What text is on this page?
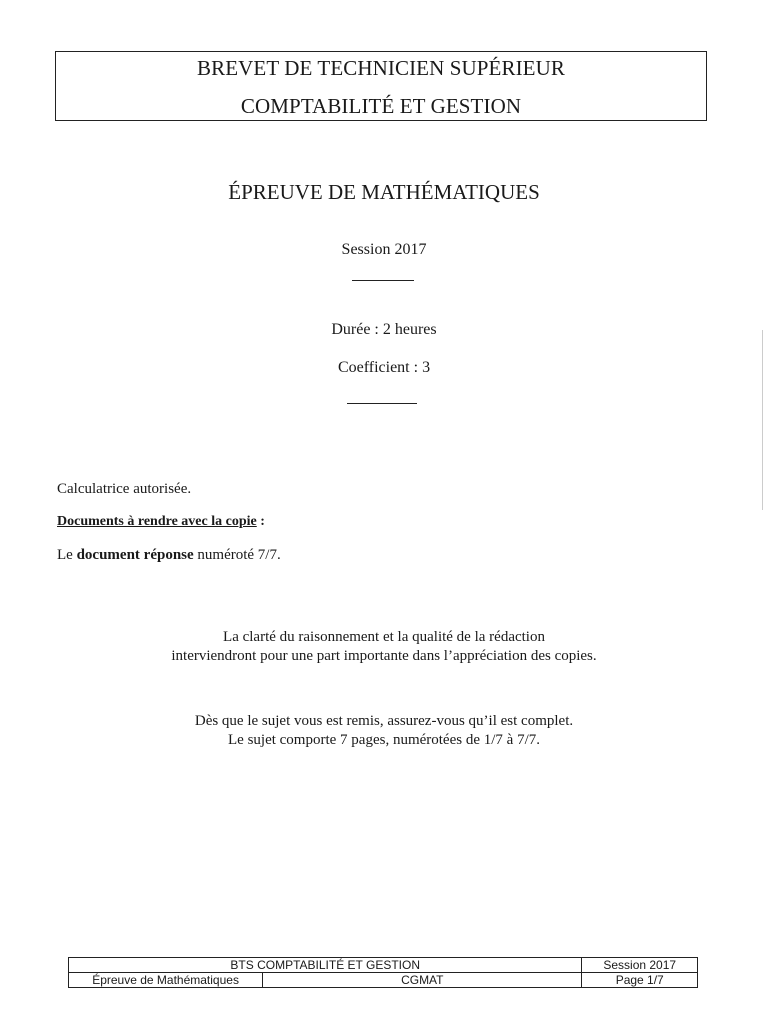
BREVET DE TECHNICIEN SUPÉRIEUR
COMPTABILITÉ ET GESTION
ÉPREUVE DE MATHÉMATIQUES
Session 2017
Durée : 2 heures
Coefficient : 3
Calculatrice autorisée.
Documents à rendre avec la copie :
Le document réponse numéroté 7/7.
La clarté du raisonnement et la qualité de la rédaction
interviendront pour une part importante dans l’appréciation des copies.
Dès que le sujet vous est remis, assurez-vous qu’il est complet.
Le sujet comporte 7 pages, numérotées de 1/7 à 7/7.
BTS COMPTABILITÉ ET GESTION		Session 2017
Épreuve de Mathématiques	CGMAT	Page 1/7
